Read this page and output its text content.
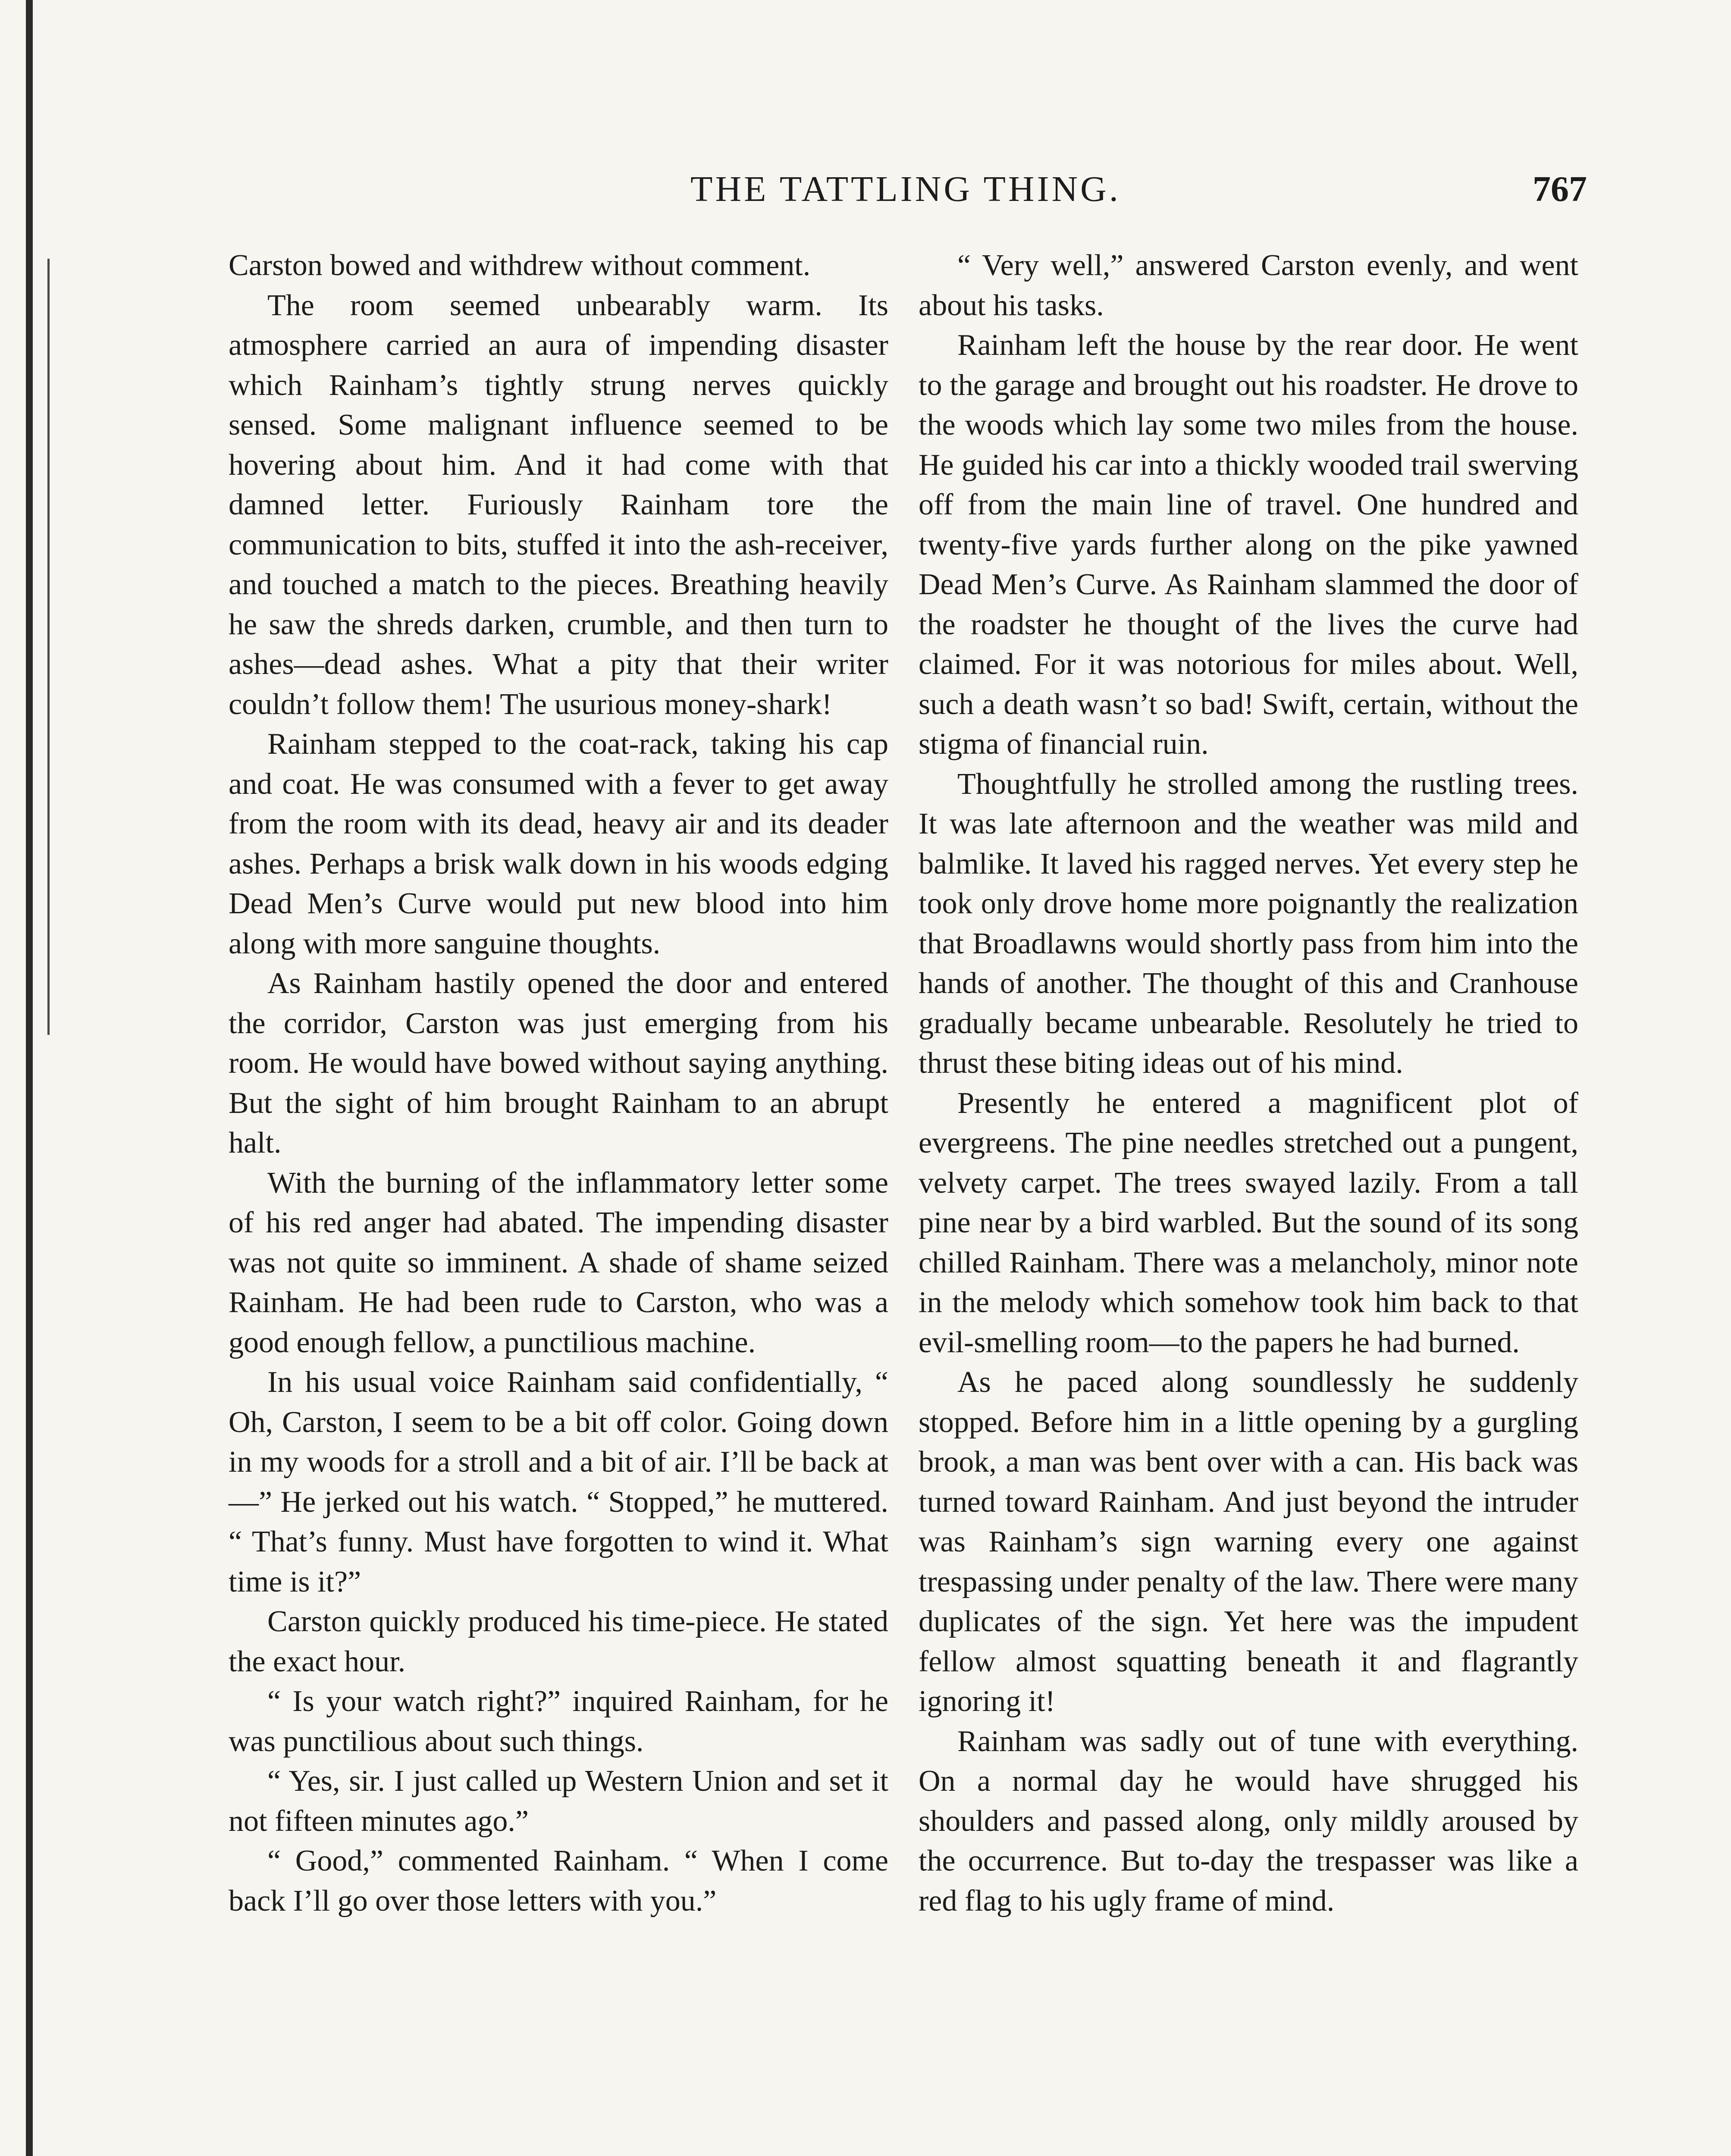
THE TATTLING THING.	767

Carston bowed and withdrew without comment.

The room seemed unbearably warm. Its atmosphere carried an aura of impending disaster which Rainham’s tightly strung nerves quickly sensed. Some malignant influence seemed to be hovering about him. And it had come with that damned letter. Furiously Rainham tore the communication to bits, stuffed it into the ash-receiver, and touched a match to the pieces. Breathing heavily he saw the shreds darken, crumble, and then turn to ashes—dead ashes. What a pity that their writer couldn’t follow them! The usurious money-shark!

Rainham stepped to the coat-rack, taking his cap and coat. He was consumed with a fever to get away from the room with its dead, heavy air and its deader ashes. Perhaps a brisk walk down in his woods edging Dead Men’s Curve would put new blood into him along with more sanguine thoughts.

As Rainham hastily opened the door and entered the corridor, Carston was just emerging from his room. He would have bowed without saying anything. But the sight of him brought Rainham to an abrupt halt.

With the burning of the inflammatory letter some of his red anger had abated. The impending disaster was not quite so imminent. A shade of shame seized Rainham. He had been rude to Carston, who was a good enough fellow, a punctilious machine.

In his usual voice Rainham said confidentially, “ Oh, Carston, I seem to be a bit off color. Going down in my woods for a stroll and a bit of air. I’ll be back at—” He jerked out his watch. “ Stopped,” he muttered. “ That’s funny. Must have forgotten to wind it. What time is it?”

Carston quickly produced his time-piece. He stated the exact hour.

“ Is your watch right?” inquired Rainham, for he was punctilious about such things.

“ Yes, sir. I just called up Western Union and set it not fifteen minutes ago.”

“ Good,” commented Rainham. “ When I come back I’ll go over those letters with you.”

“ Very well,” answered Carston evenly, and went about his tasks.

Rainham left the house by the rear door. He went to the garage and brought out his roadster. He drove to the woods which lay some two miles from the house. He guided his car into a thickly wooded trail swerving off from the main line of travel. One hundred and twenty-five yards further along on the pike yawned Dead Men’s Curve. As Rainham slammed the door of the roadster he thought of the lives the curve had claimed. For it was notorious for miles about. Well, such a death wasn’t so bad! Swift, certain, without the stigma of financial ruin.

Thoughtfully he strolled among the rustling trees. It was late afternoon and the weather was mild and balmlike. It laved his ragged nerves. Yet every step he took only drove home more poignantly the realization that Broadlawns would shortly pass from him into the hands of another. The thought of this and Cranhouse gradually became unbearable. Resolutely he tried to thrust these biting ideas out of his mind.

Presently he entered a magnificent plot of evergreens. The pine needles stretched out a pungent, velvety carpet. The trees swayed lazily. From a tall pine near by a bird warbled. But the sound of its song chilled Rainham. There was a melancholy, minor note in the melody which somehow took him back to that evil-smelling room—to the papers he had burned.

As he paced along soundlessly he suddenly stopped. Before him in a little opening by a gurgling brook, a man was bent over with a can. His back was turned toward Rainham. And just beyond the intruder was Rainham’s sign warning every one against trespassing under penalty of the law. There were many duplicates of the sign. Yet here was the impudent fellow almost squatting beneath it and flagrantly ignoring it!

Rainham was sadly out of tune with everything. On a normal day he would have shrugged his shoulders and passed along, only mildly aroused by the occurrence. But to-day the trespasser was like a red flag to his ugly frame of mind.
